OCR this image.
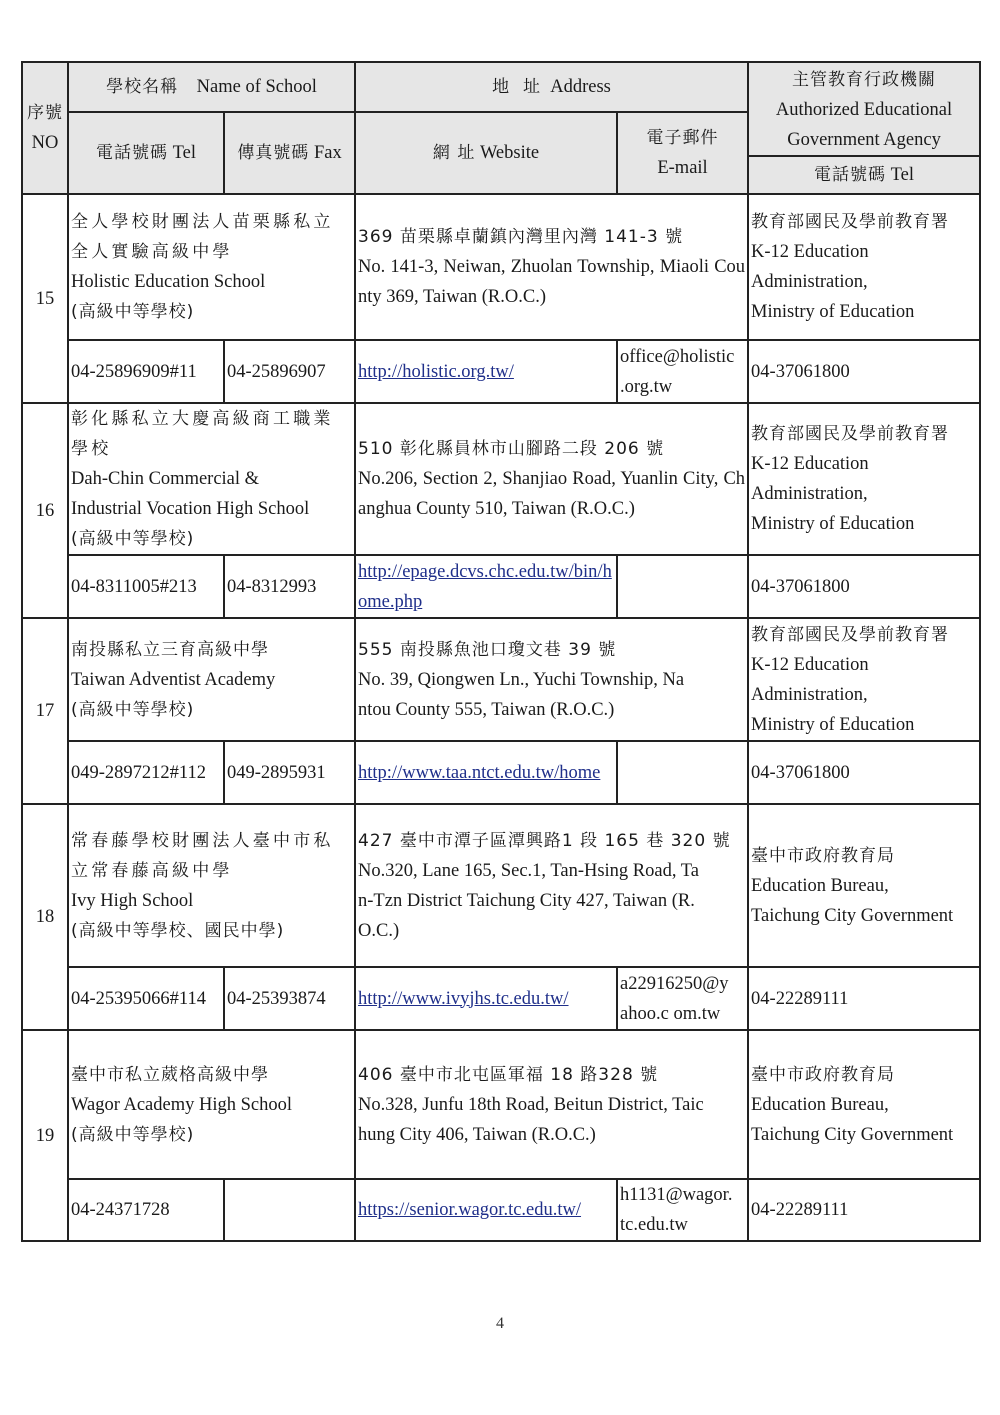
序號
NO	學校名稱 Name of School		地  址 Address		主管教育行政機關
Authorized Educational
Government Agency

	電話號碼 Tel	傳真號碼 Fax	網 址 Website	電子郵件
E-mail	

					電話號碼 Tel
15	全人學校財團法人苗栗縣私立
全人實驗高級中學
Holistic Education School
(高級中等學校)		369 苗栗縣卓蘭鎮內灣里內灣 141-3 號
No. 141-3, Neiwan, Zhuolan Township, Miaoli County 369, Taiwan (R.O.C.)		教育部國民及學前教育署
K-12 Education
Administration,
Ministry of Education

	04-25896909#11	04-25896907	http://holistic.org.tw/	office@holistic
.org.tw	04-37061800
16	彰化縣私立大慶高級商工職業
學校
Dah-Chin Commercial &
Industrial Vocation High School
(高級中等學校)		510 彰化縣員林市山腳路二段 206 號
No.206, Section 2, Shanjiao Road, Yuanlin City, Changhua County 510, Taiwan (R.O.C.)		教育部國民及學前教育署
K-12 Education
Administration,
Ministry of Education

	04-8311005#213	04-8312993	http://epage.dcvs.chc.edu.tw/bin/home.php		04-37061800
17	南投縣私立三育高級中學
Taiwan Adventist Academy
(高級中等學校)		555 南投縣魚池口瓊文巷 39 號
No. 39, Qiongwen Ln., Yuchi Township, Nantou County 555, Taiwan (R.O.C.)		教育部國民及學前教育署
K-12 Education
Administration,
Ministry of Education

	049-2897212#112	049-2895931	http://www.taa.ntct.edu.tw/home		04-37061800
18	常春藤學校財團法人臺中市私
立常春藤高級中學
Ivy High School
(高級中等學校、國民中學)		427 臺中市潭子區潭興路1 段 165 巷 320 號
No.320, Lane 165, Sec.1, Tan-Hsing Road, Tan-Tzn District Taichung City 427, Taiwan (R.O.C.)		臺中市政府教育局
Education Bureau,
Taichung City Government

	04-25395066#114	04-25393874	http://www.ivyjhs.tc.edu.tw/	a22916250@y
ahoo.c om.tw	04-22289111
19	臺中市私立葳格高級中學
Wagor Academy High School
(高級中等學校)		406 臺中市北屯區軍福 18 路328 號
No.328, Junfu 18th Road, Beitun District, Taichung City 406, Taiwan (R.O.C.)		臺中市政府教育局
Education Bureau,
Taichung City Government

	04-24371728		https://senior.wagor.tc.edu.tw/	h1131@wagor.
tc.edu.tw	04-22289111
4
